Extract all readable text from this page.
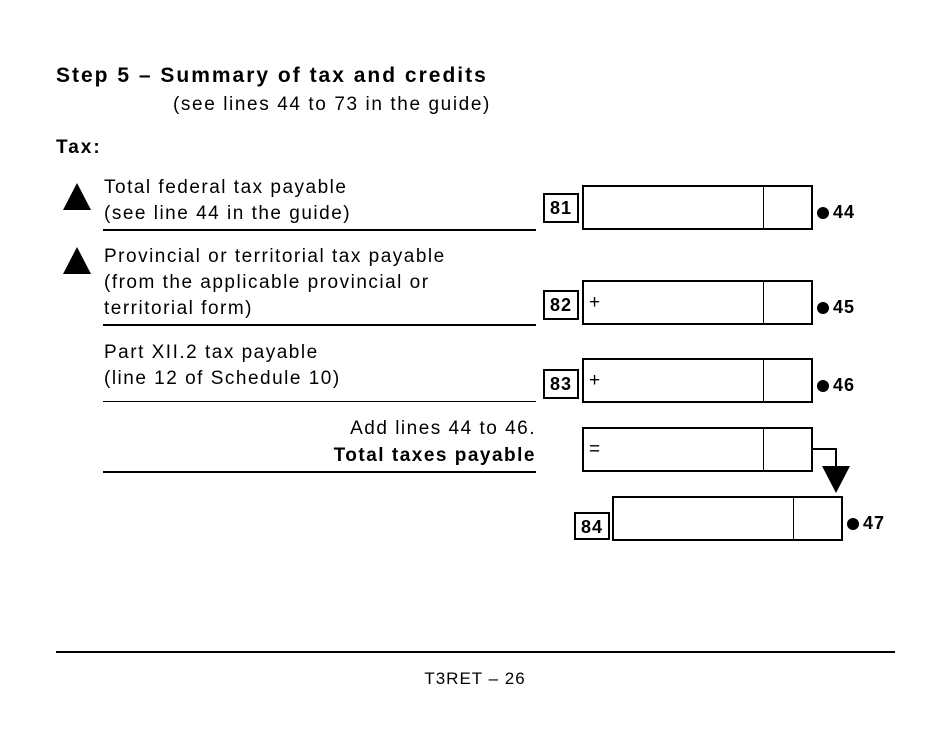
Step 5 – Summary of tax and credits
(see lines 44 to 73 in the guide)
Tax:
Total federal tax payable
(see line 44 in the guide)	81	44
Provincial or territorial tax payable
(from the applicable provincial or
territorial form)	82 +	45
Part XII.2 tax payable
(line 12 of Schedule 10)	83 +	46
Add lines 44 to 46.
Total taxes payable	=
84	47
T3RET – 26
